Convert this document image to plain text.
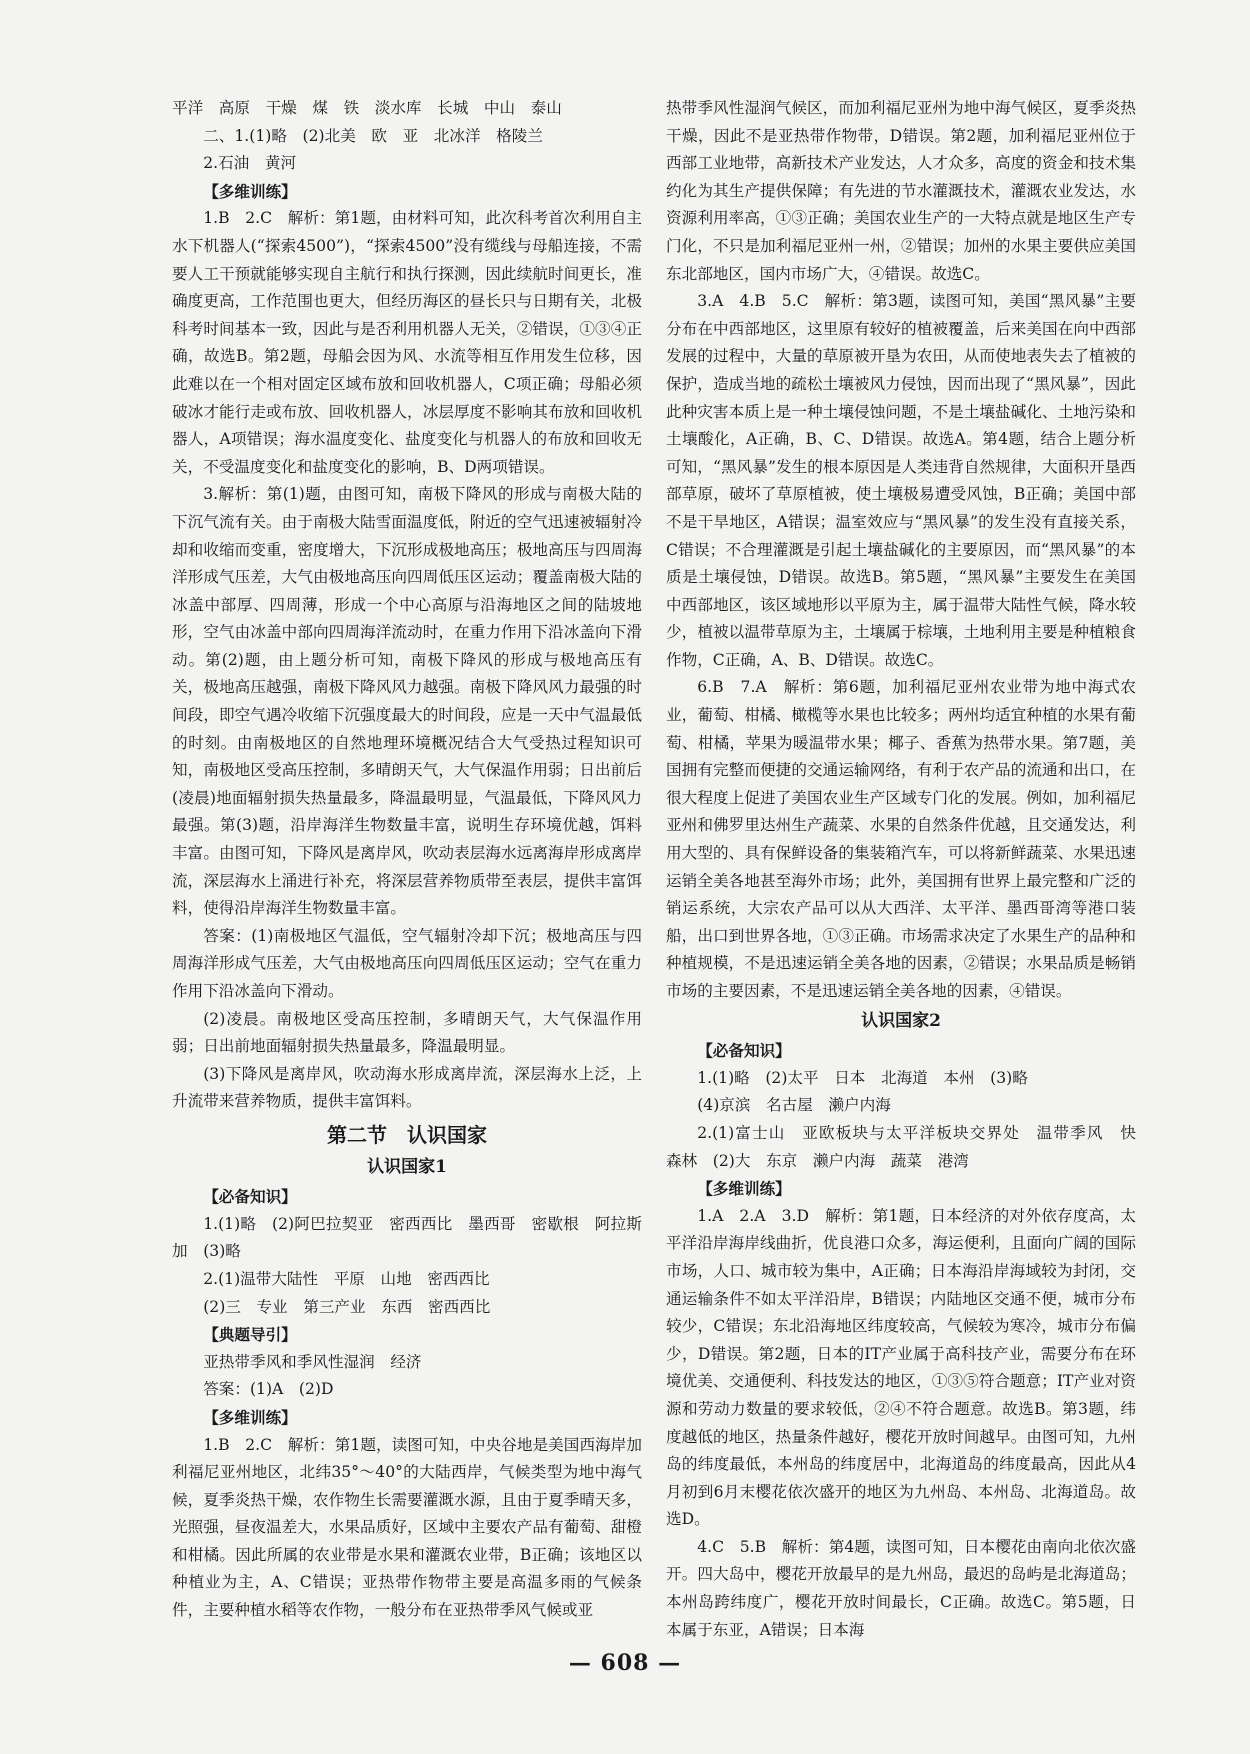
平洋　高原　干燥　煤　铁　淡水库　长城　中山　泰山

二、1.(1)略　(2)北美　欧　亚　北冰洋　格陵兰

2.石油　黄河

【多维训练】

1.B　2.C　解析：第1题，由材料可知，此次科考首次利用自主水下机器人(“探索4500”)，“探索4500”没有缆线与母船连接，不需要人工干预就能够实现自主航行和执行探测，因此续航时间更长，准确度更高，工作范围也更大，但经历海区的昼长只与日期有关，北极科考时间基本一致，因此与是否利用机器人无关，②错误，①③④正确，故选B。第2题，母船会因为风、水流等相互作用发生位移，因此难以在一个相对固定区域布放和回收机器人，C项正确；母船必须破冰才能行走或布放、回收机器人，冰层厚度不影响其布放和回收机器人，A项错误；海水温度变化、盐度变化与机器人的布放和回收无关，不受温度变化和盐度变化的影响，B、D两项错误。

3.解析：第(1)题，由图可知，南极下降风的形成与南极大陆的下沉气流有关。由于南极大陆雪面温度低，附近的空气迅速被辐射冷却和收缩而变重，密度增大，下沉形成极地高压；极地高压与四周海洋形成气压差，大气由极地高压向四周低压区运动；覆盖南极大陆的冰盖中部厚、四周薄，形成一个中心高原与沿海地区之间的陆坡地形，空气由冰盖中部向四周海洋流动时，在重力作用下沿冰盖向下滑动。第(2)题，由上题分析可知，南极下降风的形成与极地高压有关，极地高压越强，南极下降风风力越强。南极下降风风力最强的时间段，即空气遇冷收缩下沉强度最大的时间段，应是一天中气温最低的时刻。由南极地区的自然地理环境概况结合大气受热过程知识可知，南极地区受高压控制，多晴朗天气，大气保温作用弱；日出前后(凌晨)地面辐射损失热量最多，降温最明显，气温最低，下降风风力最强。第(3)题，沿岸海洋生物数量丰富，说明生存环境优越，饵料丰富。由图可知，下降风是离岸风，吹动表层海水远离海岸形成离岸流，深层海水上涌进行补充，将深层营养物质带至表层，提供丰富饵料，使得沿岸海洋生物数量丰富。

答案：(1)南极地区气温低，空气辐射冷却下沉；极地高压与四周海洋形成气压差，大气由极地高压向四周低压区运动；空气在重力作用下沿冰盖向下滑动。

(2)凌晨。南极地区受高压控制，多晴朗天气，大气保温作用弱；日出前地面辐射损失热量最多，降温最明显。

(3)下降风是离岸风，吹动海水形成离岸流，深层海水上泛，上升流带来营养物质，提供丰富饵料。

第二节　认识国家

认识国家1

【必备知识】

1.(1)略　(2)阿巴拉契亚　密西西比　墨西哥　密歇根　阿拉斯加　(3)略

2.(1)温带大陆性　平原　山地　密西西比

(2)三　专业　第三产业　东西　密西西比

【典题导引】

亚热带季风和季风性湿润　经济

答案：(1)A　(2)D

【多维训练】

1.B　2.C　解析：第1题，读图可知，中央谷地是美国西海岸加利福尼亚州地区，北纬35°～40°的大陆西岸，气候类型为地中海气候，夏季炎热干燥，农作物生长需要灌溉水源，且由于夏季晴天多，光照强，昼夜温差大，水果品质好，区域中主要农产品有葡萄、甜橙和柑橘。因此所属的农业带是水果和灌溉农业带，B正确；该地区以种植业为主，A、C错误；亚热带作物带主要是高温多雨的气候条件，主要种植水稻等农作物，一般分布在亚热带季风气候或亚

热带季风性湿润气候区，而加利福尼亚州为地中海气候区，夏季炎热干燥，因此不是亚热带作物带，D错误。第2题，加利福尼亚州位于西部工业地带，高新技术产业发达，人才众多，高度的资金和技术集约化为其生产提供保障；有先进的节水灌溉技术，灌溉农业发达，水资源利用率高，①③正确；美国农业生产的一大特点就是地区生产专门化，不只是加利福尼亚州一州，②错误；加州的水果主要供应美国东北部地区，国内市场广大，④错误。故选C。

3.A　4.B　5.C　解析：第3题，读图可知，美国“黑风暴”主要分布在中西部地区，这里原有较好的植被覆盖，后来美国在向中西部发展的过程中，大量的草原被开垦为农田，从而使地表失去了植被的保护，造成当地的疏松土壤被风力侵蚀，因而出现了“黑风暴”，因此此种灾害本质上是一种土壤侵蚀问题，不是土壤盐碱化、土地污染和土壤酸化，A正确，B、C、D错误。故选A。第4题，结合上题分析可知，“黑风暴”发生的根本原因是人类违背自然规律，大面积开垦西部草原，破坏了草原植被，使土壤极易遭受风蚀，B正确；美国中部不是干旱地区，A错误；温室效应与“黑风暴”的发生没有直接关系，C错误；不合理灌溉是引起土壤盐碱化的主要原因，而“黑风暴”的本质是土壤侵蚀，D错误。故选B。第5题，“黑风暴”主要发生在美国中西部地区，该区域地形以平原为主，属于温带大陆性气候，降水较少，植被以温带草原为主，土壤属于棕壤，土地利用主要是种植粮食作物，C正确，A、B、D错误。故选C。

6.B　7.A　解析：第6题，加利福尼亚州农业带为地中海式农业，葡萄、柑橘、橄榄等水果也比较多；两州均适宜种植的水果有葡萄、柑橘，苹果为暖温带水果；椰子、香蕉为热带水果。第7题，美国拥有完整而便捷的交通运输网络，有利于农产品的流通和出口，在很大程度上促进了美国农业生产区域专门化的发展。例如，加利福尼亚州和佛罗里达州生产蔬菜、水果的自然条件优越，且交通发达，利用大型的、具有保鲜设备的集装箱汽车，可以将新鲜蔬菜、水果迅速运销全美各地甚至海外市场；此外，美国拥有世界上最完整和广泛的销运系统，大宗农产品可以从大西洋、太平洋、墨西哥湾等港口装船，出口到世界各地，①③正确。市场需求决定了水果生产的品种和种植规模，不是迅速运销全美各地的因素，②错误；水果品质是畅销市场的主要因素，不是迅速运销全美各地的因素，④错误。

认识国家2

【必备知识】

1.(1)略　(2)太平　日本　北海道　本州　(3)略

(4)京滨　名古屋　濑户内海

2.(1)富士山　亚欧板块与太平洋板块交界处　温带季风　快　森林　(2)大　东京　濑户内海　蔬菜　港湾

【多维训练】

1.A　2.A　3.D　解析：第1题，日本经济的对外依存度高，太平洋沿岸海岸线曲折，优良港口众多，海运便利，且面向广阔的国际市场，人口、城市较为集中，A正确；日本海沿岸海域较为封闭，交通运输条件不如太平洋沿岸，B错误；内陆地区交通不便，城市分布较少，C错误；东北沿海地区纬度较高，气候较为寒冷，城市分布偏少，D错误。第2题，日本的IT产业属于高科技产业，需要分布在环境优美、交通便利、科技发达的地区，①③⑤符合题意；IT产业对资源和劳动力数量的要求较低，②④不符合题意。故选B。第3题，纬度越低的地区，热量条件越好，樱花开放时间越早。由图可知，九州岛的纬度最低，本州岛的纬度居中，北海道岛的纬度最高，因此从4月初到6月末樱花依次盛开的地区为九州岛、本州岛、北海道岛。故选D。

4.C　5.B　解析：第4题，读图可知，日本樱花由南向北依次盛开。四大岛中，樱花开放最早的是九州岛，最迟的岛屿是北海道岛；本州岛跨纬度广，樱花开放时间最长，C正确。故选C。第5题，日本属于东亚，A错误；日本海

— 608 —
